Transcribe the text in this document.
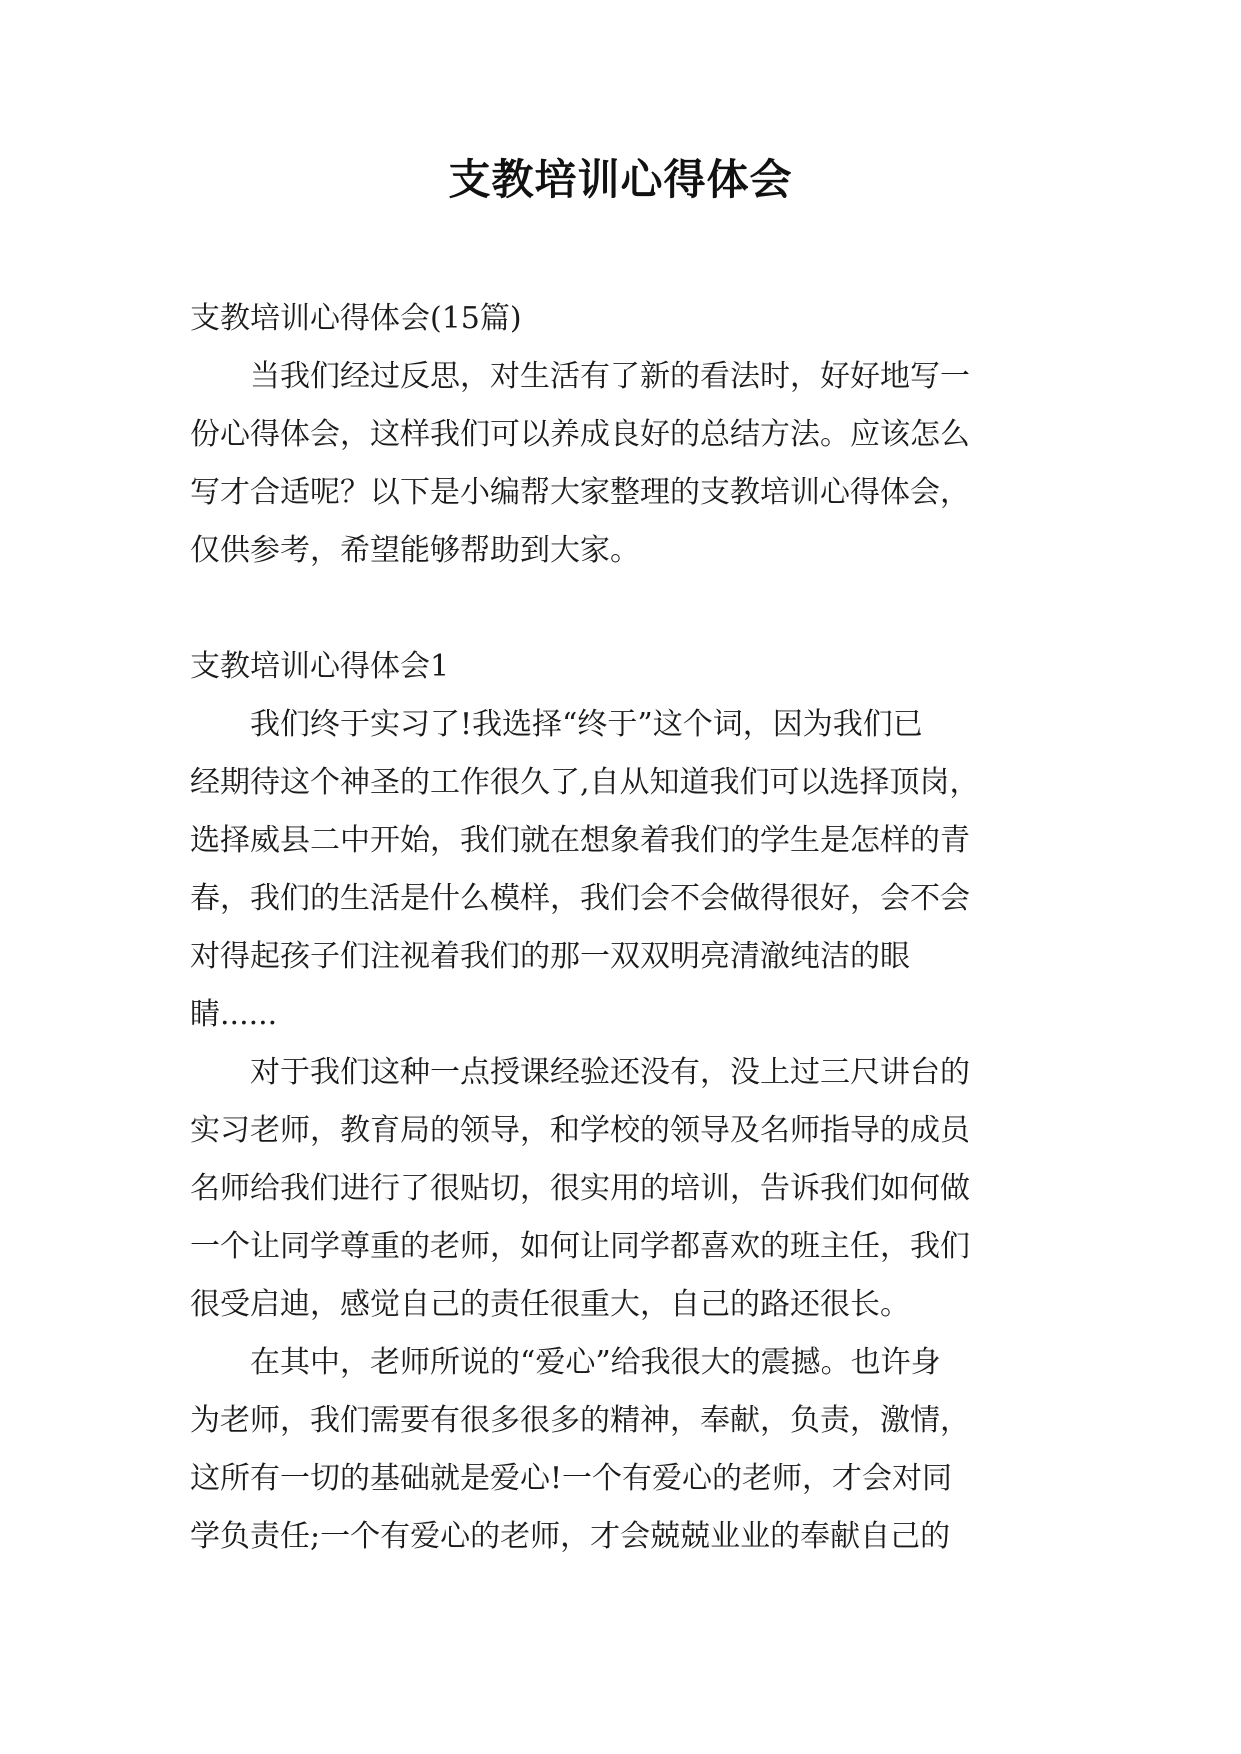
支教培训心得体会
支教培训心得体会(15篇)
　　当我们经过反思，对生活有了新的看法时，好好地写一
份心得体会，这样我们可以养成良好的总结方法。应该怎么
写才合适呢？以下是小编帮大家整理的支教培训心得体会，
仅供参考，希望能够帮助到大家。
支教培训心得体会1
　　我们终于实习了!我选择“终于”这个词，因为我们已
经期待这个神圣的工作很久了,自从知道我们可以选择顶岗，
选择威县二中开始，我们就在想象着我们的学生是怎样的青
春，我们的生活是什么模样，我们会不会做得很好，会不会
对得起孩子们注视着我们的那一双双明亮清澈纯洁的眼
睛......
　　对于我们这种一点授课经验还没有，没上过三尺讲台的
实习老师，教育局的领导，和学校的领导及名师指导的成员
名师给我们进行了很贴切，很实用的培训，告诉我们如何做
一个让同学尊重的老师，如何让同学都喜欢的班主任，我们
很受启迪，感觉自己的责任很重大，自己的路还很长。
　　在其中，老师所说的“爱心”给我很大的震撼。也许身
为老师，我们需要有很多很多的精神，奉献，负责，激情，
这所有一切的基础就是爱心!一个有爱心的老师，才会对同
学负责任;一个有爱心的老师，才会兢兢业业的奉献自己的
